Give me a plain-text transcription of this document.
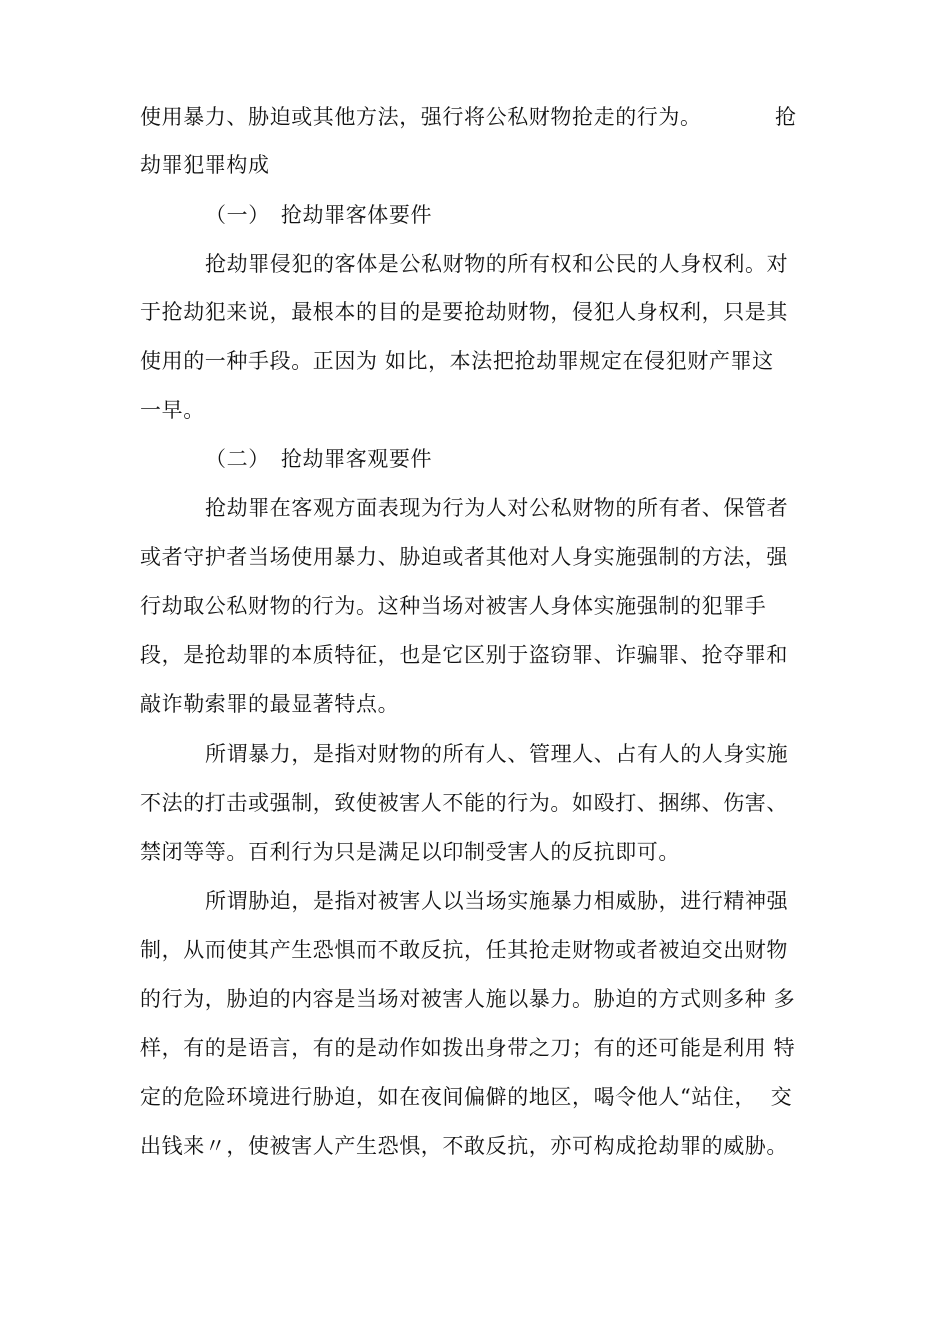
使用暴力、胁迫或其他方法，强行将公私财物抢走的行为。	抢
劫罪犯罪构成
（一）　抢劫罪客体要件
抢劫罪侵犯的客体是公私财物的所有权和公民的人身权利。对
于抢劫犯来说，最根本的目的是要抢劫财物，侵犯人身权利，只是其
使用的一种手段。正因为 如比，本法把抢劫罪规定在侵犯财产罪这
一早。
（二）　抢劫罪客观要件
抢劫罪在客观方面表现为行为人对公私财物的所有者、保管者
或者守护者当场使用暴力、胁迫或者其他对人身实施强制的方法，强
行劫取公私财物的行为。这种当场对被害人身体实施强制的犯罪手
段，是抢劫罪的本质特征，也是它区别于盗窃罪、诈骗罪、抢夺罪和
敲诈勒索罪的最显著特点。
所谓暴力，是指对财物的所有人、管理人、占有人的人身实施
不法的打击或强制，致使被害人不能的行为。如殴打、捆绑、伤害、
禁闭等等。百利行为只是满足以印制受害人的反抗即可。
所谓胁迫，是指对被害人以当场实施暴力相威胁，进行精神强
制，从而使其产生恐惧而不敢反抗，任其抢走财物或者被迫交出财物
的行为，胁迫的内容是当场对被害人施以暴力。胁迫的方式则多种 多
样，有的是语言，有的是动作如拨出身带之刀；有的还可能是利用 特
定的危险环境进行胁迫，如在夜间偏僻的地区，喝令他人“站住，  交
出钱来〃，使被害人产生恐惧，不敢反抗，亦可构成抢劫罪的威胁。
